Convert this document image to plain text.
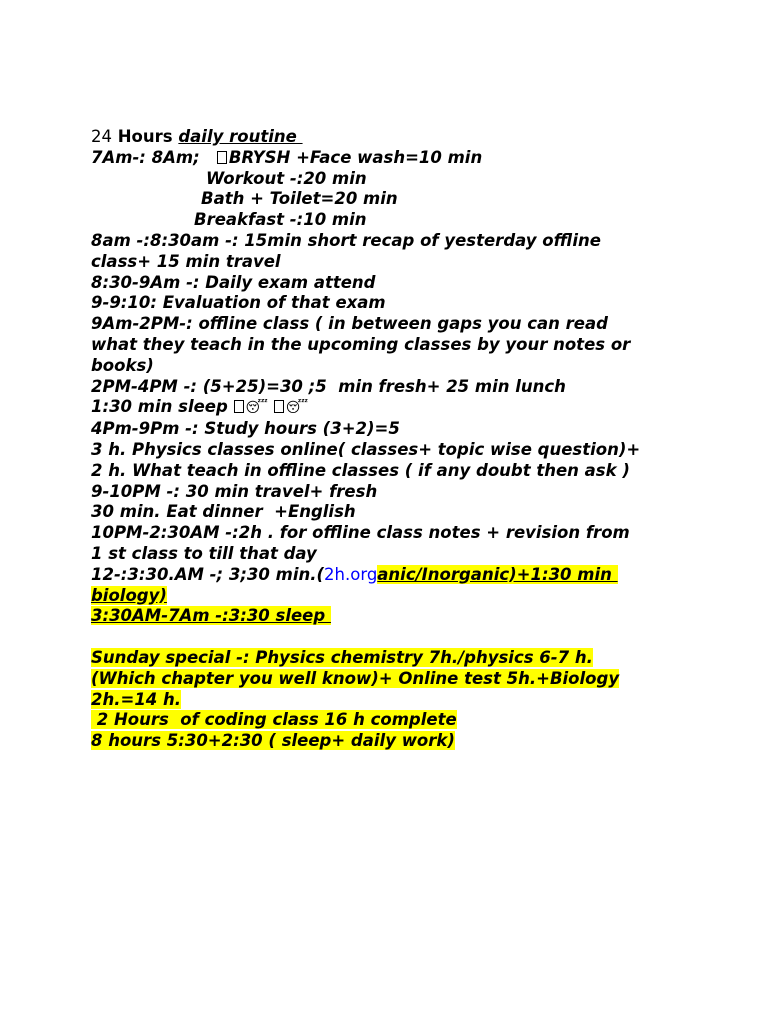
24 Hours daily routine
7Am-: 8Am;   BRYSH +Face wash=10 min
Workout -:20 min
Bath + Toilet=20 min
Breakfast -:10 min
8am -:8:30am -: 15min short recap of yesterday offline
class+ 15 min travel
8:30-9Am -: Daily exam attend
9-9:10: Evaluation of that exam
9Am-2PM-: offline class ( in between gaps you can read
what they teach in the upcoming classes by your notes or
books)
2PM-4PM -: (5+25)=30 ;5  min fresh+ 25 min lunch
1:30 min sleep 😴 😴
4Pm-9Pm -: Study hours (3+2)=5
3 h. Physics classes online( classes+ topic wise question)+
2 h. What teach in offline classes ( if any doubt then ask )
9-10PM -: 30 min travel+ fresh
30 min. Eat dinner  +English
10PM-2:30AM -:2h . for offline class notes + revision from
1 st class to till that day
12-:3:30.AM -; 3;30 min.(2h.organic/Inorganic)+1:30 min
biology)
3:30AM-7Am -:3:30 sleep
Sunday special -: Physics chemistry 7h./physics 6-7 h.
(Which chapter you well know)+ Online test 5h.+Biology
2h.=14 h.
2 Hours  of coding class 16 h complete
8 hours 5:30+2:30 ( sleep+ daily work)
